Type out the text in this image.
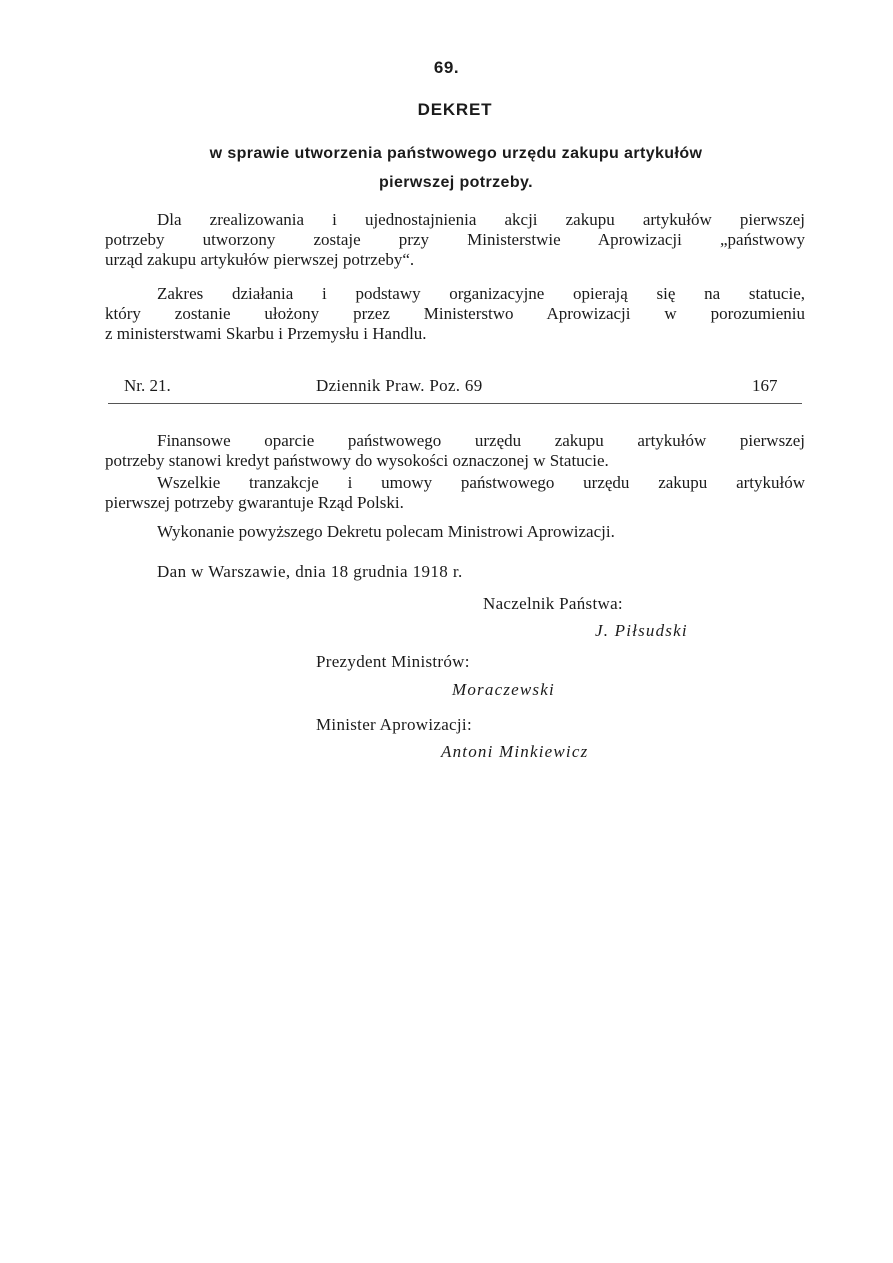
69.
DEKRET
w sprawie utworzenia państwowego urzędu zakupu artykułów
pierwszej potrzeby.
Dla zrealizowania i ujednostajnienia akcji zakupu artykułów pierwszej
potrzeby utworzony zostaje przy Ministerstwie Aprowizacji „państwowy
urząd zakupu artykułów pierwszej potrzeby“.
Zakres działania i podstawy organizacyjne opierają się na statucie,
który zostanie ułożony przez Ministerstwo Aprowizacji w porozumieniu
z ministerstwami Skarbu i Przemysłu i Handlu.
Nr. 21.	Dziennik Praw. Poz. 69	167
Finansowe oparcie państwowego urzędu zakupu artykułów pierwszej
potrzeby stanowi kredyt państwowy do wysokości oznaczonej w Statucie.
Wszelkie tranzakcje i umowy państwowego urzędu zakupu artykułów
pierwszej potrzeby gwarantuje Rząd Polski.
Wykonanie powyższego Dekretu polecam Ministrowi Aprowizacji.
Dan w Warszawie, dnia 18 grudnia 1918 r.
Naczelnik Państwa:
J. Piłsudski
Prezydent Ministrów:
Moraczewski
Minister Aprowizacji:
Antoni Minkiewicz
